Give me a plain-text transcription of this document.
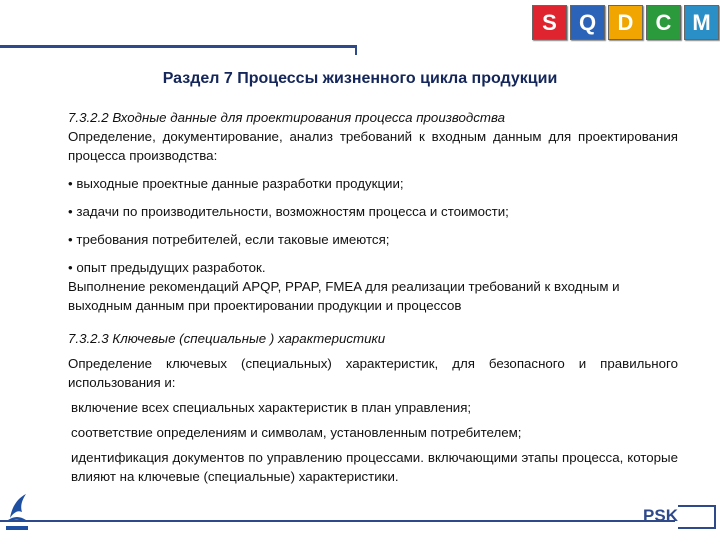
S Q D C M
Раздел 7 Процессы жизненного цикла продукции

7.3.2.2 Входные данные для проектирования процесса производства

Определение, документирование, анализ требований к входным данным для проектирования процесса производства:

• выходные проектные данные разработки продукции;

• задачи по производительности, возможностям процесса и стоимости;

• требования потребителей, если таковые имеются;

• опыт предыдущих разработок.

Выполнение рекомендаций APQP, PPAP, FMEA для реализации требований к входным и выходным данным при проектировании продукции и процессов

7.3.2.3 Ключевые (специальные ) характеристики

Определение ключевых (специальных) характеристик, для безопасного и правильного использования и:

включение всех специальных характеристик в план управления;

соответствие определениям и символам, установленным потребителем;

идентификация документов по управлению процессами. включающими этапы процесса, которые влияют на ключевые (специальные) характеристики.

PSK
